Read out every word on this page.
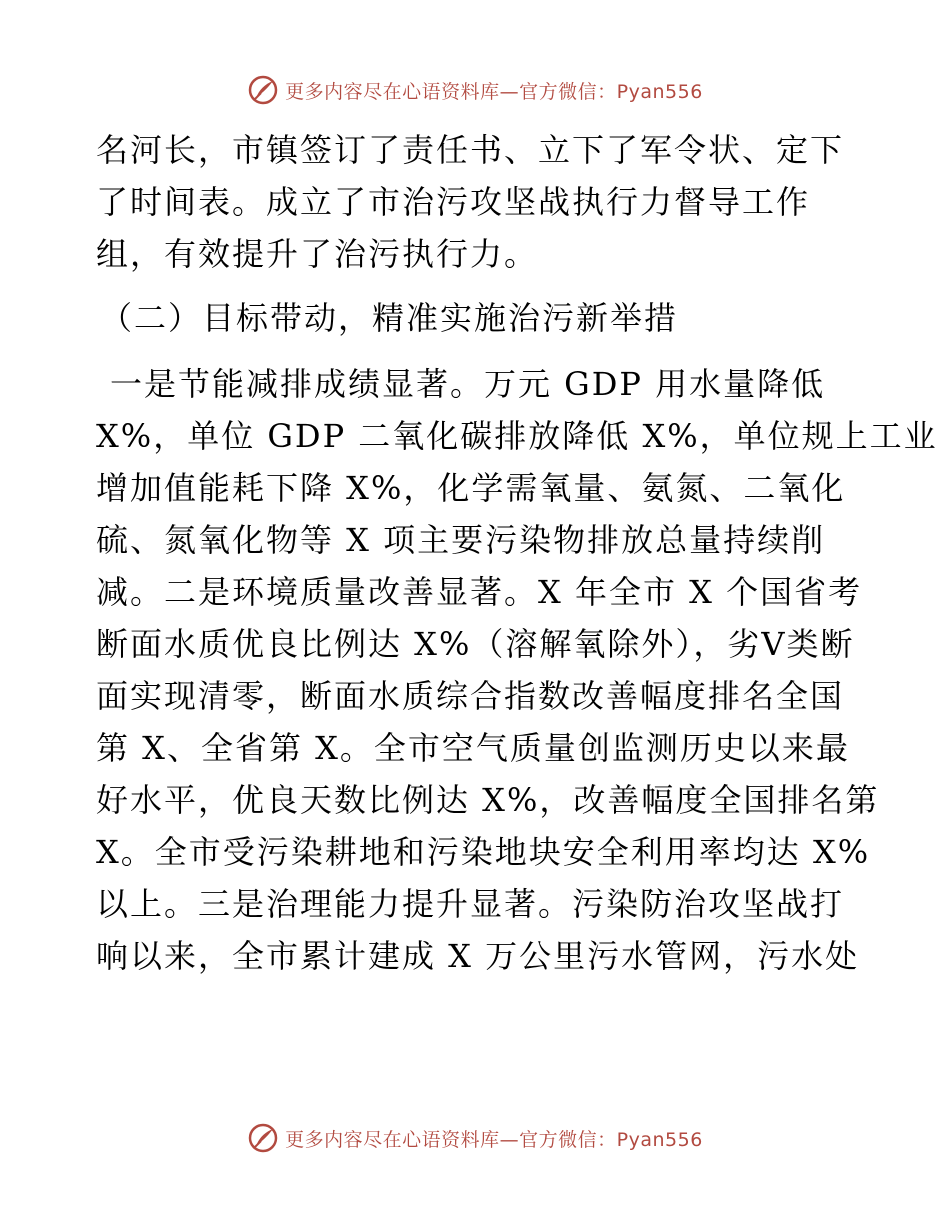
更多内容尽在心语资料库—官方微信：Pyan556
名河长，市镇签订了责任书、立下了军令状、定下
了时间表。成立了市治污攻坚战执行力督导工作
组，有效提升了治污执行力。
（二）目标带动，精准实施治污新举措
一是节能减排成绩显著。万元 GDP 用水量降低
X%，单位 GDP 二氧化碳排放降低 X%，单位规上工业
增加值能耗下降 X%，化学需氧量、氨氮、二氧化
硫、氮氧化物等 X 项主要污染物排放总量持续削
减。二是环境质量改善显著。X 年全市 X 个国省考
断面水质优良比例达 X%（溶解氧除外），劣Ⅴ类断
面实现清零，断面水质综合指数改善幅度排名全国
第 X、全省第 X。全市空气质量创监测历史以来最
好水平，优良天数比例达 X%，改善幅度全国排名第
X。全市受污染耕地和污染地块安全利用率均达 X%
以上。三是治理能力提升显著。污染防治攻坚战打
响以来，全市累计建成 X 万公里污水管网，污水处
更多内容尽在心语资料库—官方微信：Pyan556
